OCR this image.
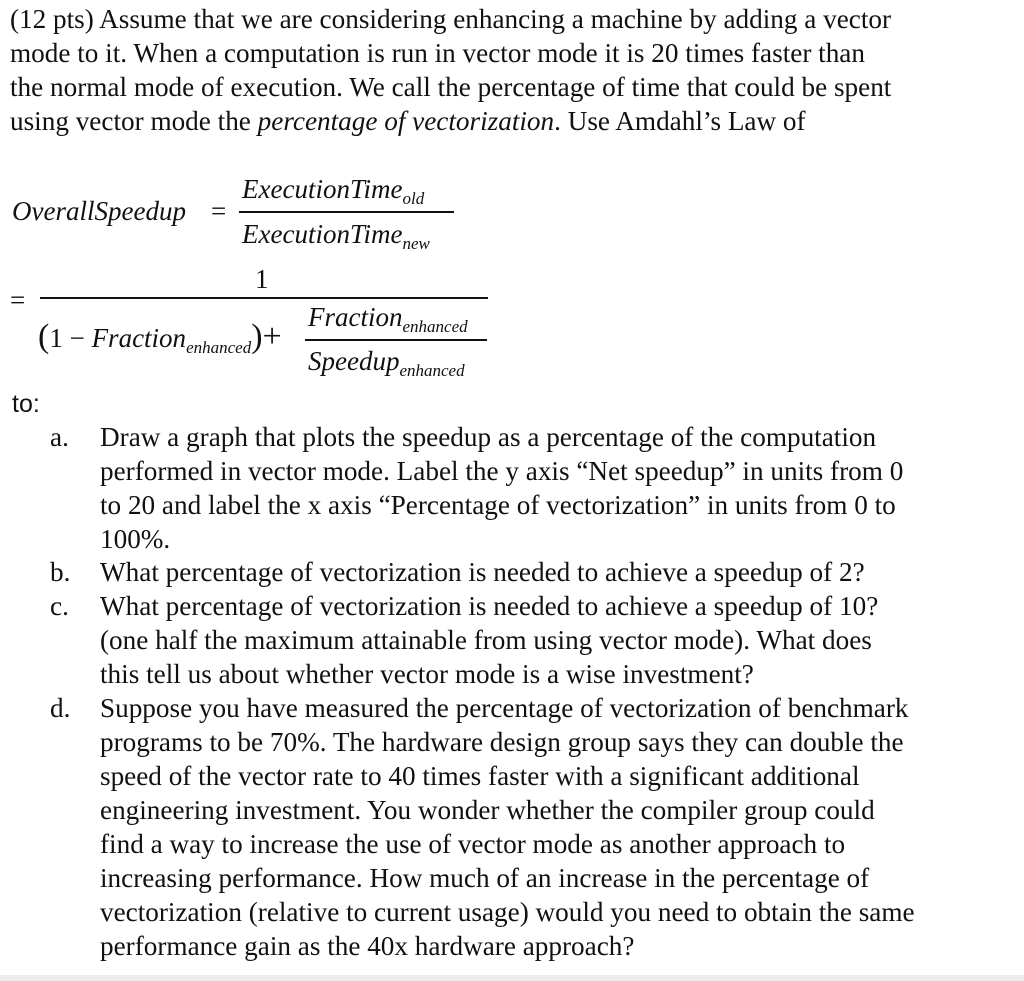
(12 pts) Assume that we are considering enhancing a machine by adding a vector
mode to it. When a computation is run in vector mode it is 20 times faster than
the normal mode of execution. We call the percentage of time that could be spent
using vector mode the percentage of vectorization. Use Amdahl’s Law of

OverallSpeedup =
ExecutionTime$_{old}$
ExecutionTime$_{new}$
=
1
(1 − Fraction$_{enhanced}$)+
Fraction$_{enhanced}$
Speedup$_{enhanced}$
to:
a.	Draw a graph that plots the speedup as a percentage of the computation
performed in vector mode. Label the y axis “Net speedup” in units from 0
to 20 and label the x axis “Percentage of vectorization” in units from 0 to
100%.
b.	What percentage of vectorization is needed to achieve a speedup of 2?
c.	What percentage of vectorization is needed to achieve a speedup of 10?
(one half the maximum attainable from using vector mode). What does
this tell us about whether vector mode is a wise investment?
d.	Suppose you have measured the percentage of vectorization of benchmark
programs to be 70%. The hardware design group says they can double the
speed of the vector rate to 40 times faster with a significant additional
engineering investment. You wonder whether the compiler group could
find a way to increase the use of vector mode as another approach to
increasing performance. How much of an increase in the percentage of
vectorization (relative to current usage) would you need to obtain the same
performance gain as the 40x hardware approach?
